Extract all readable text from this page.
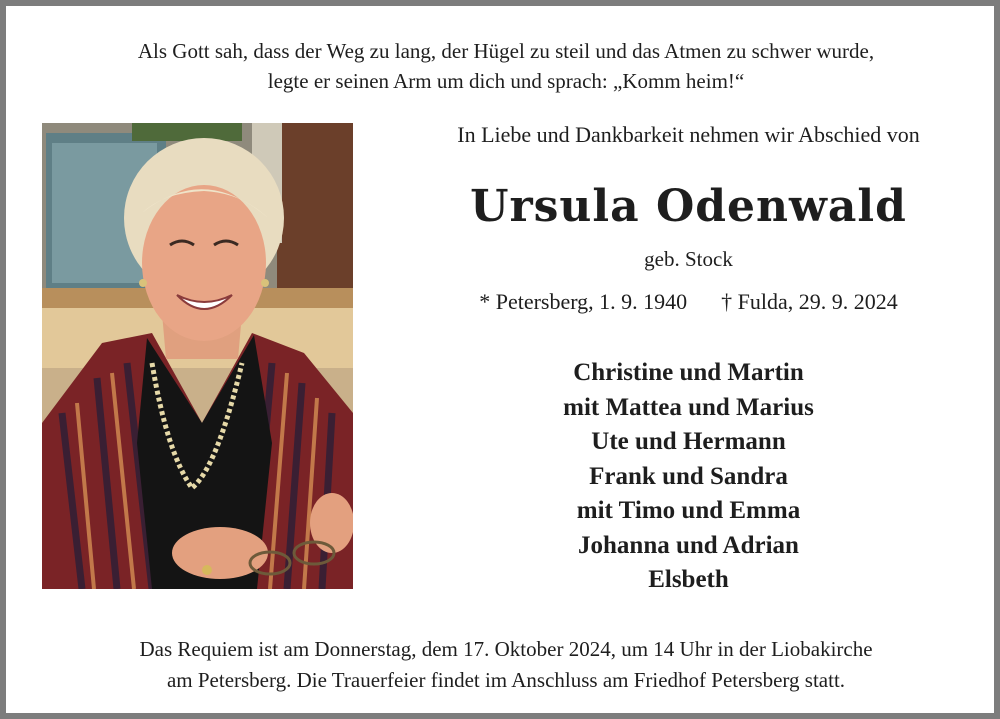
Als Gott sah, dass der Weg zu lang, der Hügel zu steil und das Atmen zu schwer wurde,
legte er seinen Arm um dich und sprach: „Komm heim!“
In Liebe und Dankbarkeit nehmen wir Abschied von
Ursula Odenwald
geb. Stock
* Petersberg, 1. 9. 1940 † Fulda, 29. 9. 2024
Christine und Martin
mit Mattea und Marius
Ute und Hermann
Frank und Sandra
mit Timo und Emma
Johanna und Adrian
Elsbeth
Das Requiem ist am Donnerstag, dem 17. Oktober 2024, um 14 Uhr in der Liobakirche
am Petersberg. Die Trauerfeier findet im Anschluss am Friedhof Petersberg statt.
